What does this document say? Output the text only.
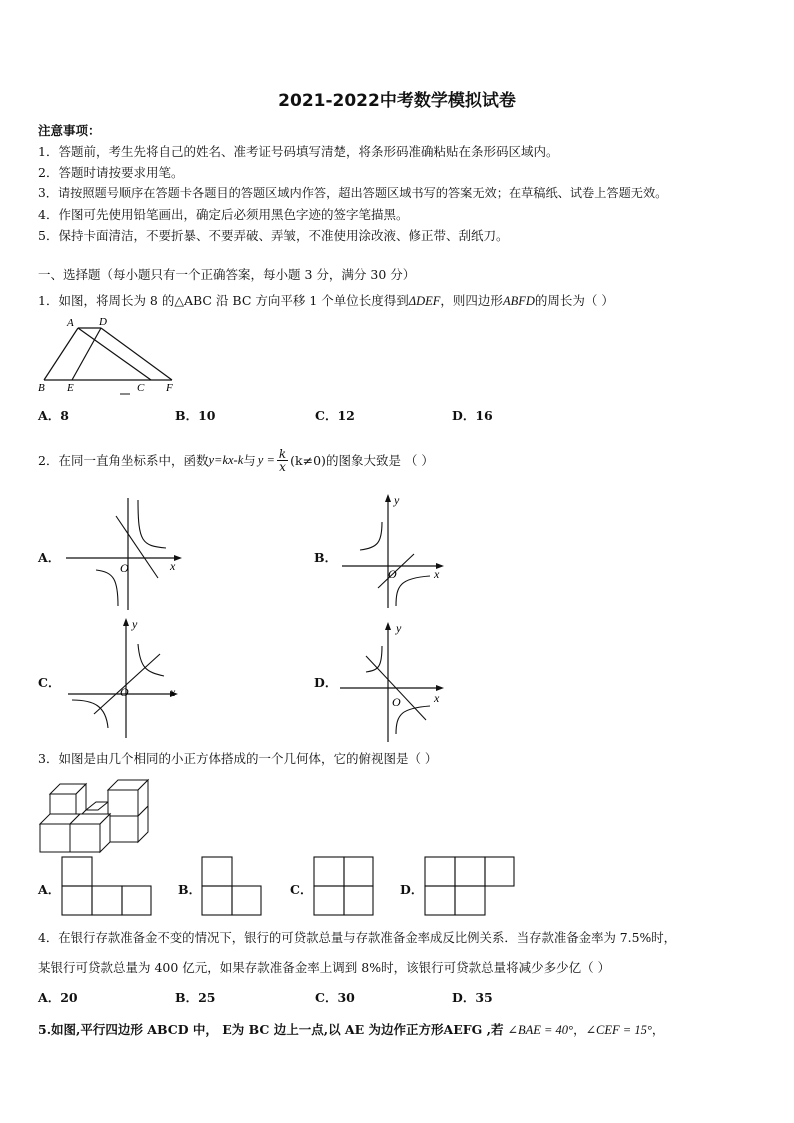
2021-2022中考数学模拟试卷
注意事项：
1．答题前，考生先将自己的姓名、准考证号码填写清楚，将条形码准确粘贴在条形码区域内。
2．答题时请按要求用笔。
3．请按照题号顺序在答题卡各题目的答题区域内作答，超出答题区域书写的答案无效；在草稿纸、试卷上答题无效。
4．作图可先使用铅笔画出，确定后必须用黑色字迹的签字笔描黑。
5．保持卡面清洁，不要折暴、不要弄破、弄皱，不准使用涂改液、修正带、刮纸刀。
一、选择题（每小题只有一个正确答案，每小题 3 分，满分 30 分）
1．如图，将周长为 8 的△ABC 沿 BC 方向平移 1 个单位长度得到ΔDEF，则四边形ABFD的周长为（ ）
A D
B E	C F
A．8	B．10	C．12	D．16
2．在同一直角坐标系中，函数 y=kx-k 与 $y = \frac{k}{x} (k\ne 0)$ 的图象大致是 （ ）
A．
O	x
B．
y
O	x
C．
y
O	x
D．
y
O	x
3．如图是由几个相同的小正方体搭成的一个几何体，它的俯视图是（ ）
A．	B．	C．	D．
4．在银行存款准备金不变的情况下，银行的可贷款总量与存款准备金率成反比例关系．当存款准备金率为 7.5%时，
某银行可贷款总量为 400 亿元，如果存款准备金率上调到 8%时，该银行可贷款总量将减少多少亿（ ）
A．20	B．25	C．30	D．35
5.如图,平行四边形 ABCD 中， E为 BC 边上一点,以 AE 为边作正方形AEFG ,若 ∠BAE = 40°，∠CEF = 15°，
